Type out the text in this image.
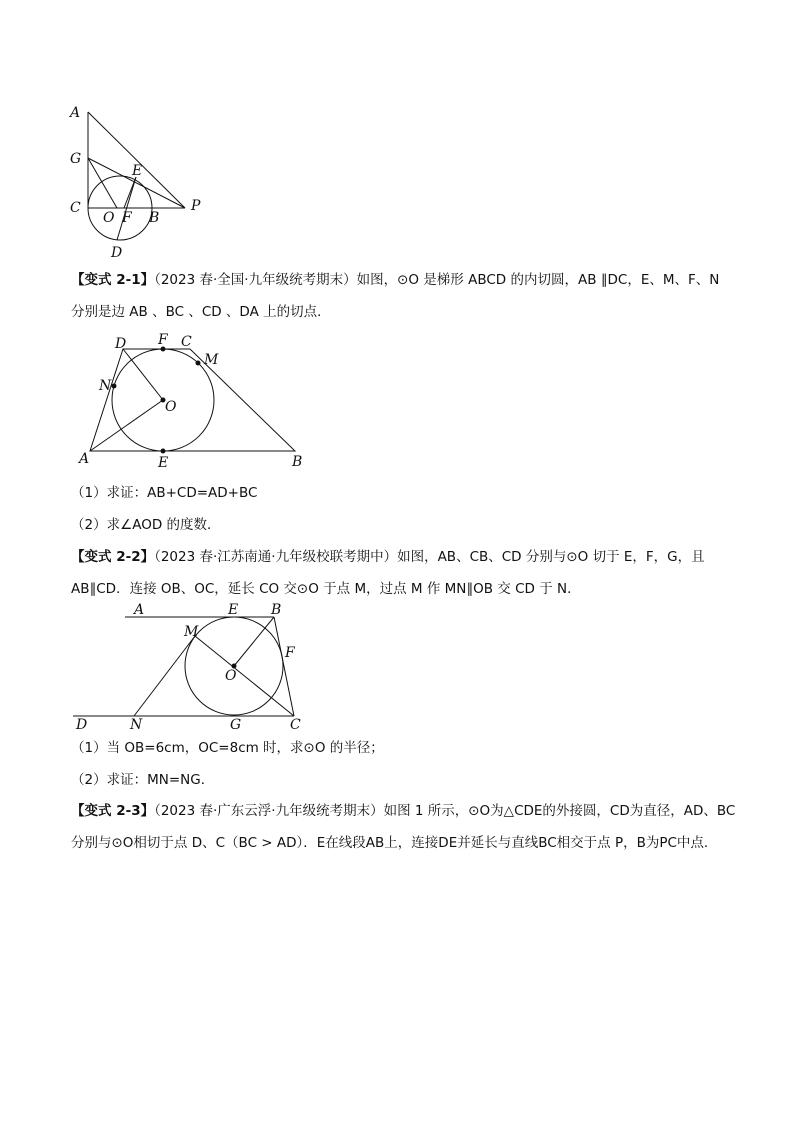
A
G
E
C
O F B
P
D
【变式 2-1】（2023 春·全国·九年级统考期末）如图，⊙O 是梯形 ABCD 的内切圆，AB ∥DC，E、M、F、N
分别是边 AB 、BC 、CD 、DA 上的切点．
D F C
M
N
O
A	E	B
（1）求证：AB+CD=AD+BC
（2）求∠AOD 的度数．
【变式 2-2】（2023 春·江苏南通·九年级校联考期中）如图，AB、CB、CD 分别与⊙O 切于 E，F，G，且
AB∥CD．连接 OB、OC，延长 CO 交⊙O 于点 M，过点 M 作 MN∥OB 交 CD 于 N．
A	E B
M
F
O
D	N	G	C
（1）当 OB=6cm，OC=8cm 时，求⊙O 的半径；
（2）求证：MN=NG．
【变式 2-3】（2023 春·广东云浮·九年级统考期末）如图 1 所示，⊙O为△CDE的外接圆，CD为直径，AD、BC
分别与⊙O相切于点 D、C（BC > AD）．E在线段AB上，连接DE并延长与直线BC相交于点 P，B为PC中点.
